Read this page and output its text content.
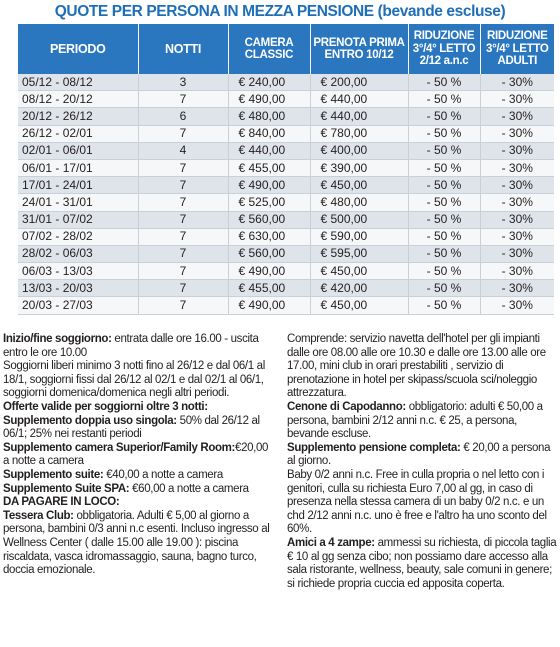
QUOTE PER PERSONA IN MEZZA PENSIONE (bevande escluse)
PERIODO	NOTTI	CAMERA CLASSIC	PRENOTA PRIMA ENTRO 10/12	RIDUZIONE 3°/4° LETTO 2/12 a.n.c	RIDUZIONE 3°/4° LETTO ADULTI
05/12 - 08/12	3	€ 240,00	€ 200,00	- 50 %	- 30%
08/12 - 20/12	7	€ 490,00	€ 440,00	- 50 %	- 30%
20/12 - 26/12	6	€ 480,00	€ 440,00	- 50 %	- 30%
26/12 - 02/01	7	€ 840,00	€ 780,00	- 50 %	- 30%
02/01 - 06/01	4	€ 440,00	€ 400,00	- 50 %	- 30%
06/01 - 17/01	7	€ 455,00	€ 390,00	- 50 %	- 30%
17/01 - 24/01	7	€ 490,00	€ 450,00	- 50 %	- 30%
24/01 - 31/01	7	€ 525,00	€ 480,00	- 50 %	- 30%
31/01 - 07/02	7	€ 560,00	€ 500,00	- 50 %	- 30%
07/02 - 28/02	7	€ 630,00	€ 590,00	- 50 %	- 30%
28/02 - 06/03	7	€ 560,00	€ 595,00	- 50 %	- 30%
06/03 - 13/03	7	€ 490,00	€ 450,00	- 50 %	- 30%
13/03 - 20/03	7	€ 455,00	€ 420,00	- 50 %	- 30%
20/03 - 27/03	7	€ 490,00	€ 450,00	- 50 %	- 30%

Inizio/fine soggiorno: entrata dalle ore 16.00 - uscita entro le ore 10.00

Soggiorni liberi minimo 3 notti fino al 26/12 e dal 06/1 al 18/1, soggiorni fissi dal 26/12 al 02/1 e dal 02/1 al 06/1, soggiorni domenica/domenica negli altri periodi.

Offerte valide per soggiorni oltre 3 notti:

Supplemento doppia uso singola: 50% dal 26/12 al 06/1; 25% nei restanti periodi

Supplemento camera Superior/Family Room:€20,00 a notte a camera

Supplemento suite: €40,00 a notte a camera

Supplemento Suite SPA: €60,00 a notte a camera

DA PAGARE IN LOCO:

Tessera Club: obbligatoria. Adulti € 5,00 al giorno a persona, bambini 0/3 anni n.c esenti. Incluso ingresso al Wellness Center ( dalle 15.00 alle 19.00 ): piscina riscaldata, vasca idromassaggio, sauna, bagno turco, doccia emozionale.

Comprende: servizio navetta dell'hotel per gli impianti dalle ore 08.00 alle ore 10.30 e dalle ore 13.00 alle ore 17.00, mini club in orari prestabiliti , servizio di prenotazione in hotel per skipass/scuola sci/noleggio attrezzatura.

Cenone di Capodanno: obbligatorio: adulti € 50,00 a persona, bambini 2/12 anni n.c. € 25, a persona, bevande escluse.

Supplemento pensione completa: € 20,00 a persona al giorno.

Baby 0/2 anni n.c. Free in culla propria o nel letto con i genitori, culla su richiesta Euro 7,00 al gg, in caso di presenza nella stessa camera di un baby 0/2 n.c. e un chd 2/12 anni n.c. uno è free e l'altro ha uno sconto del 60%.

Amici a 4 zampe: ammessi su richiesta, di piccola taglia € 10 al gg senza cibo; non possiamo dare accesso alla sala ristorante, wellness, beauty, sale comuni in genere; si richiede propria cuccia ed apposita coperta.
